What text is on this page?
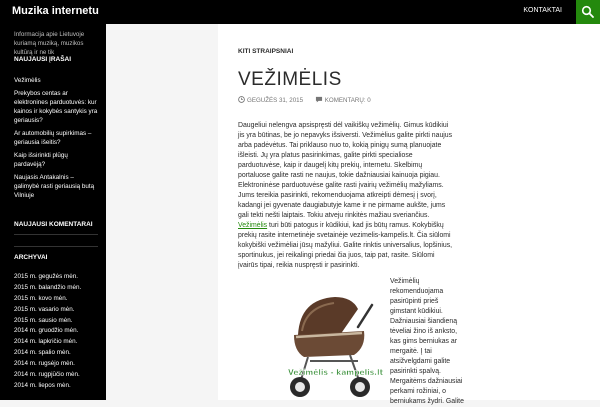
Muzika internetu	KONTAKTAI
Informacija apie Lietuvoje kuriamą muziką, muzikos kultūrą ir ne tik
NAUJAUSI ĮRAŠAI
Vežimėlis
Prekybos centas ar elektronines parduotuvės: kur kainos ir kokybės santykis yra geriausis?
Ar automobilių supirkimas – geriausia išeitis?
Kaip išsirinkti plūgų pardavėją?
Naujasis Antakalnis – galimybė rasti geriausią butą Vilniuje
NAUJAUSI KOMENTARAI
ARCHYVAI
2015 m. gegužės mėn.
2015 m. balandžio mėn.
2015 m. kovo mėn.
2015 m. vasario mėn.
2015 m. sausio mėn.
2014 m. gruodžio mėn.
2014 m. lapkričio mėn.
2014 m. spalio mėn.
2014 m. rugsėjo mėn.
2014 m. rugpjūčio mėn.
2014 m. liepos mėn.
KITI STRAIPSNIAI
VEŽIMĖLIS
GEGUŽĖS 31, 2015	KOMENTARŲ: 0

Daugeliui nelengva apsispręsti dėl vaikiškų vežimėlių. Gimus kūdikiui jis yra būtinas, be jo nepavyks išsiversti. Vežimėlius galite pirkti naujus arba padėvėtus. Tai priklauso nuo to, kokią pinigų sumą planuojate išleisti. Jų yra platus pasirinkimas, galite pirkti specialiose parduotuvėse, kaip ir daugelį kitų prekių, internetu. Skelbimų portaluose galite rasti ne naujus, tokie dažniausiai kainuoja pigiau. Elektroninėse parduotuvėse galite rasti įvairių vežimėlių mažyliams. Jums tereikia pasirinkti, rekomenduojama atkreipti dėmesį į svorį, kadangi jei gyvenate daugiabutyje kame ir ne pirmame aukšte, jums gali tekti nešti laiptais. Tokiu atveju rinkitės mažiau sveriančius. Vežimėlis turi būti patogus ir kūdikiui, kad jis būtų ramus. Kokybiškų prekių rasite internetinėje svetainėje vezimelis-kampelis.lt. Čia siūlomi kokybiški vežimėliai jūsų mažyliui. Galite rinktis universalius, lopšinius, sportinukus, jei reikalingi priedai čia juos, taip pat, rasite. Siūlomi įvairūs tipai, reikia nuspręsti ir pasirinkti.

Vežimėlis - kampelis.lt

Vežimėlių rekomenduojama pasirūpinti prieš gimstant kūdikiui. Dažniausiai šiandieną tėveliai žino iš anksto, kas gims berniukas ar mergaitė. Į tai atsižvelgdami galite pasirinkti spalvą. Mergaitėms dažniausiai perkami rožiniai, o berniukams žydri. Galite
